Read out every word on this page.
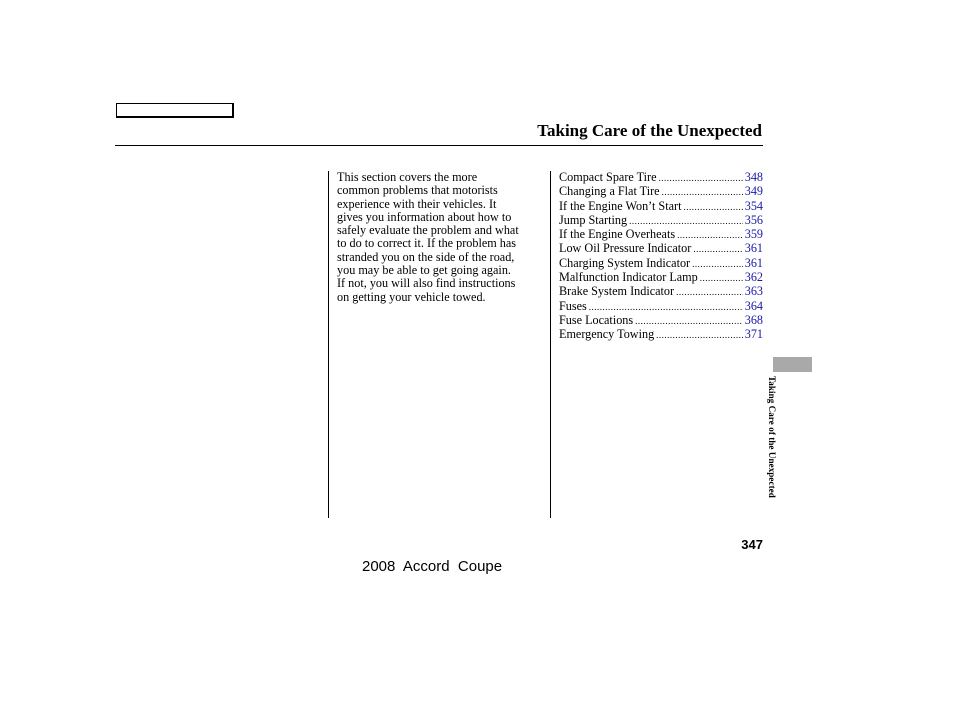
Taking Care of the Unexpected

This section covers the more
common problems that motorists
experience with their vehicles. It
gives you information about how to
safely evaluate the problem and what
to do to correct it. If the problem has
stranded you on the side of the road,
you may be able to get going again.
If not, you will also find instructions
on getting your vehicle towed.

Compact Spare Tire .....	348
Changing a Flat Tire .....	349
If the Engine Won’t Start .....	354
Jump Starting .....	356
If the Engine Overheats .....	359
Low Oil Pressure Indicator .....	361
Charging System Indicator .....	361
Malfunction Indicator Lamp .....	362
Brake System Indicator .....	363
Fuses .....	364
Fuse Locations .....	368
Emergency Towing .....	371
Taking Care of the Unexpected
347
2008  Accord  Coupe
